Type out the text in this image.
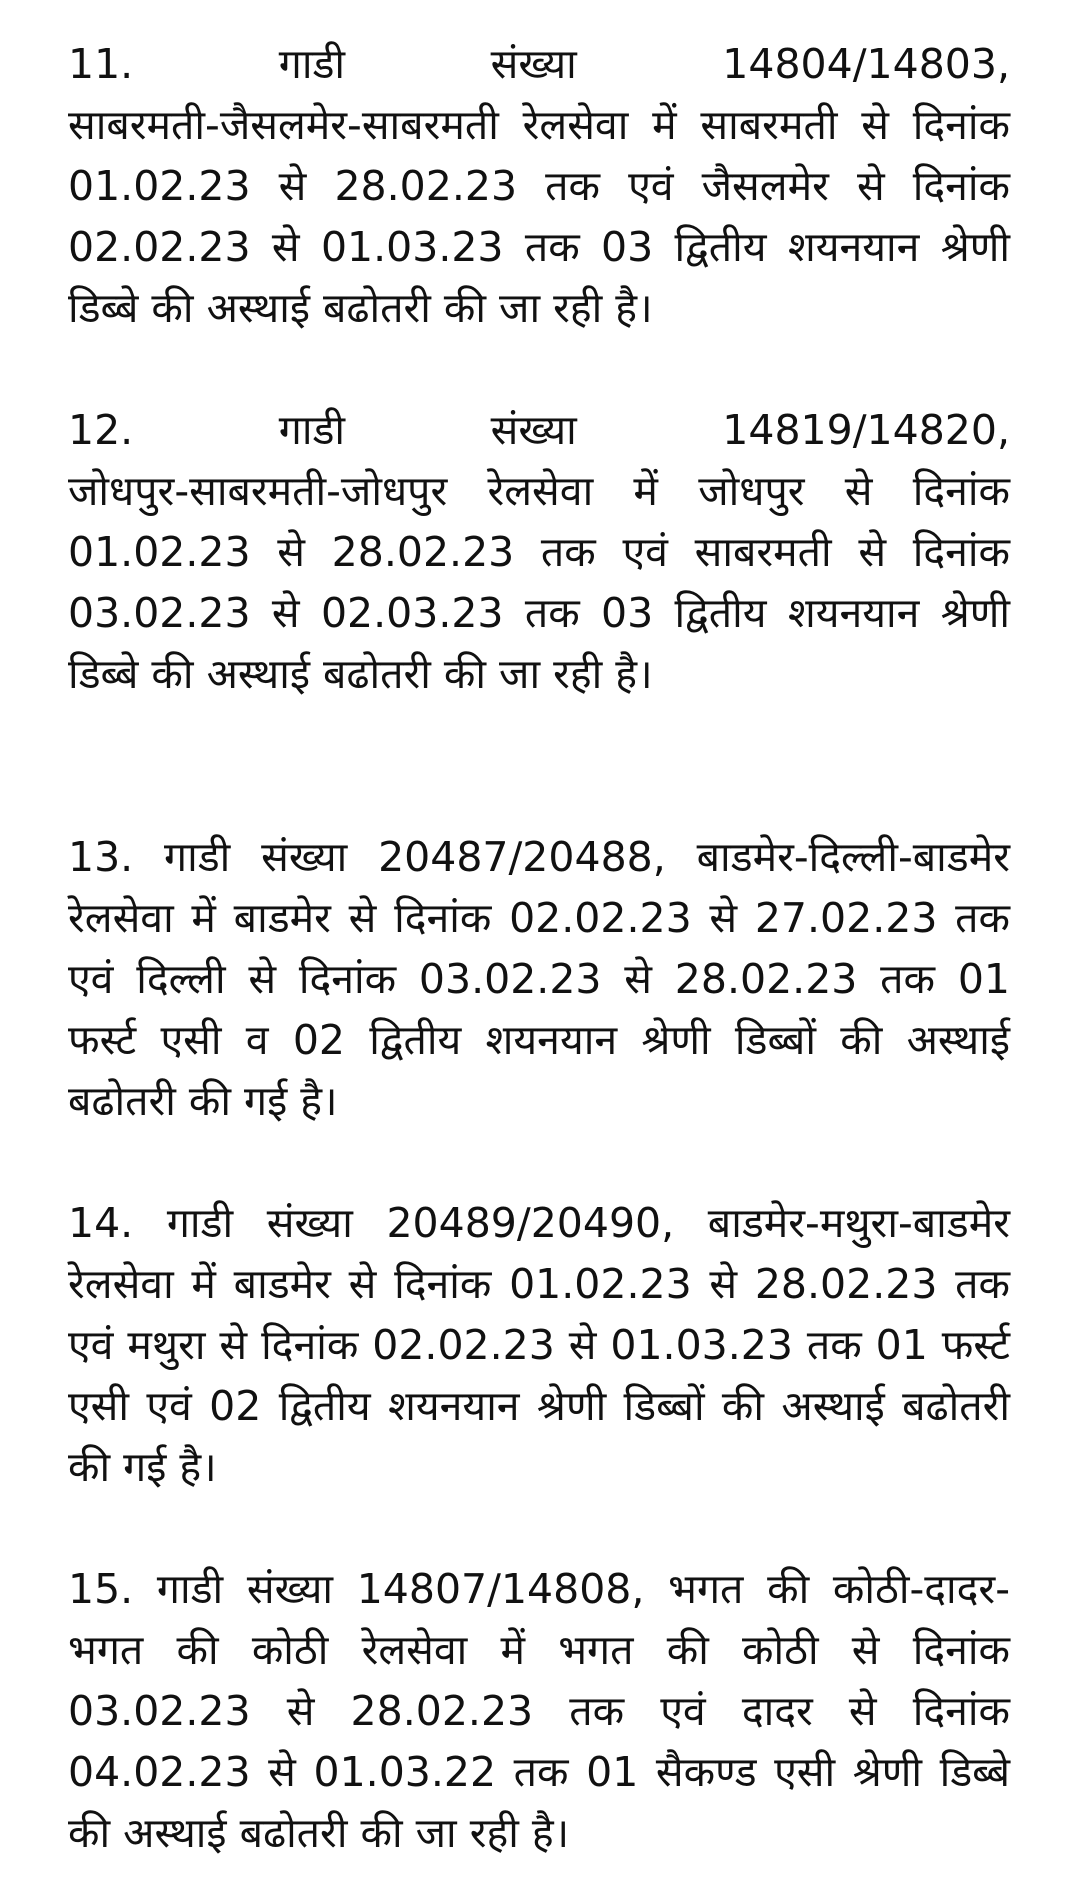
11. गाडी संख्या 14804/14803,
साबरमती-जैसलमेर-साबरमती रेलसेवा में साबरमती से दिनांक 01.02.23 से 28.02.23 तक एवं जैसलमेर से दिनांक 02.02.23 से 01.03.23 तक 03 द्वितीय शयनयान श्रेणी डिब्बे की अस्थाई बढोतरी की जा रही है।

12. गाडी संख्या 14819/14820,
जोधपुर-साबरमती-जोधपुर रेलसेवा में जोधपुर से दिनांक 01.02.23 से 28.02.23 तक एवं साबरमती से दिनांक 03.02.23 से 02.03.23 तक 03 द्वितीय शयनयान श्रेणी डिब्बे की अस्थाई बढोतरी की जा रही है।

13. गाडी संख्या 20487/20488, बाडमेर-दिल्ली-बाडमेर रेलसेवा में बाडमेर से दिनांक 02.02.23 से 27.02.23 तक एवं दिल्ली से दिनांक 03.02.23 से 28.02.23 तक 01 फर्स्ट एसी व 02 द्वितीय शयनयान श्रेणी डिब्बों की अस्थाई बढोतरी की गई है।

14. गाडी संख्या 20489/20490, बाडमेर-मथुरा-बाडमेर रेलसेवा में बाडमेर से दिनांक 01.02.23 से 28.02.23 तक एवं मथुरा से दिनांक 02.02.23 से 01.03.23 तक 01 फर्स्ट एसी एवं 02 द्वितीय शयनयान श्रेणी डिब्बों की अस्थाई बढोतरी की गई है।

15. गाडी संख्या 14807/14808, भगत की कोठी-दादर-भगत की कोठी रेलसेवा में भगत की कोठी से दिनांक 03.02.23 से 28.02.23 तक एवं दादर से दिनांक 04.02.23 से 01.03.22 तक 01 सैकण्ड एसी श्रेणी डिब्बे की अस्थाई बढोतरी की जा रही है।
